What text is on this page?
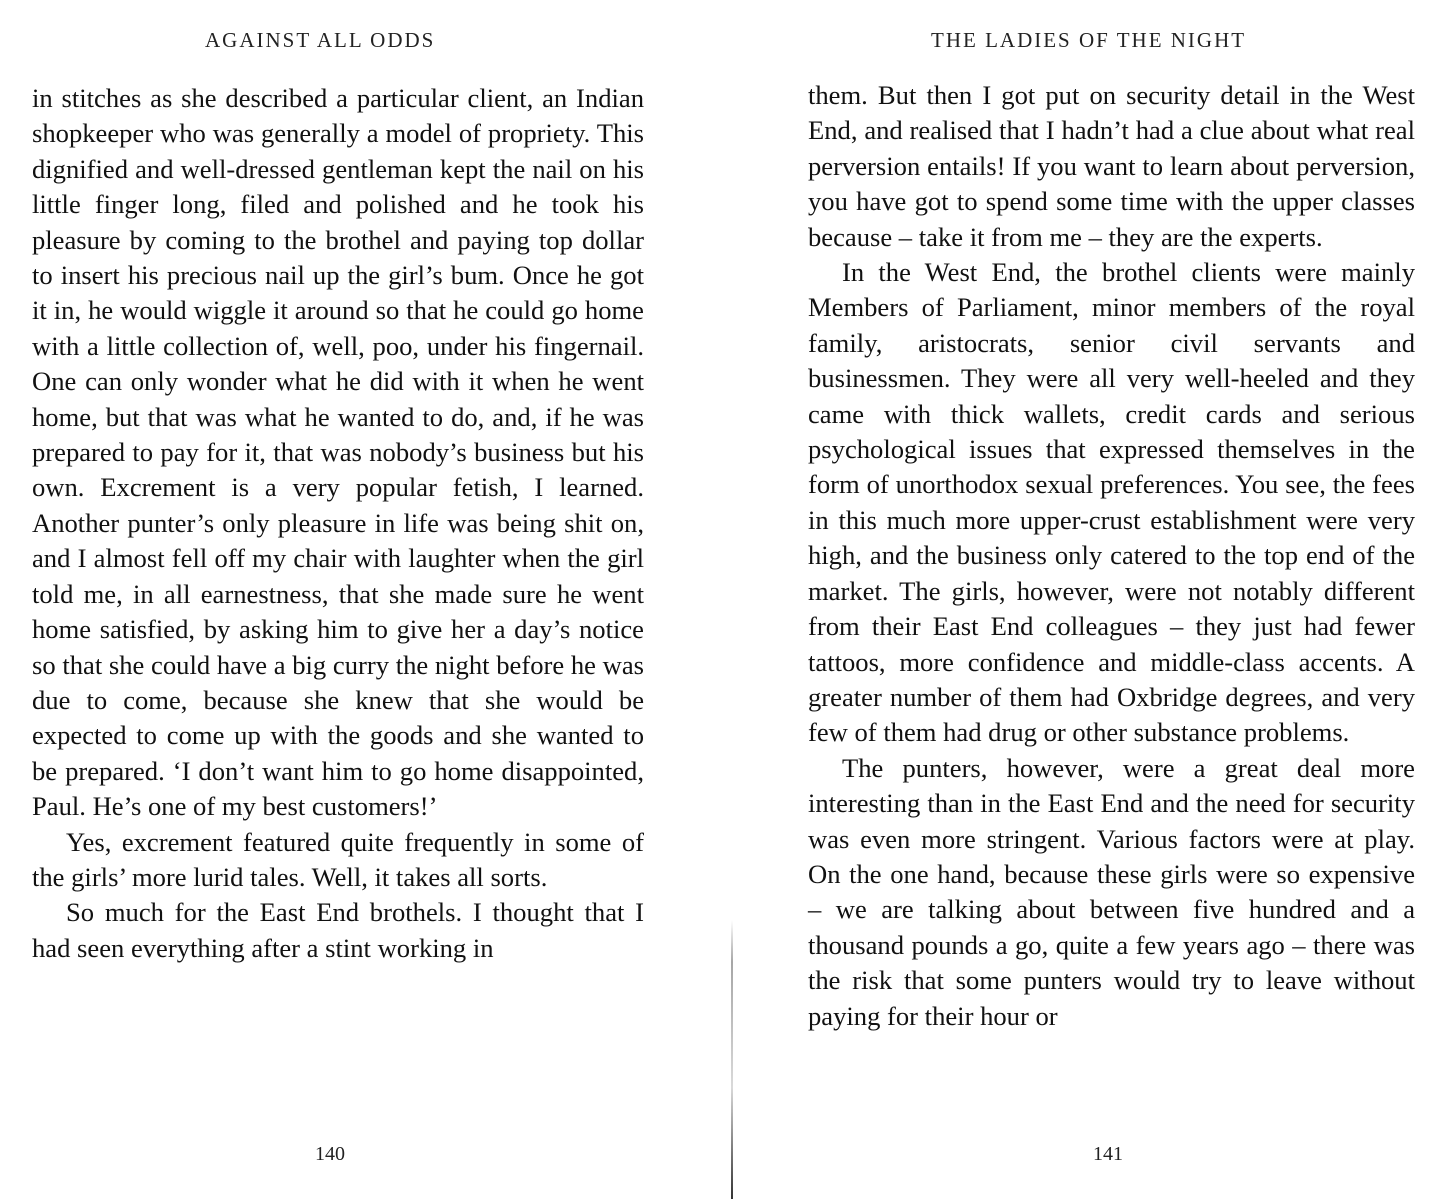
AGAINST ALL ODDS

in stitches as she described a particular client, an Indian shopkeeper who was generally a model of propriety. This dignified and well-dressed gentleman kept the nail on his little finger long, filed and polished and he took his pleasure by coming to the brothel and paying top dollar to insert his precious nail up the girl’s bum. Once he got it in, he would wiggle it around so that he could go home with a little collection of, well, poo, under his fingernail. One can only wonder what he did with it when he went home, but that was what he wanted to do, and, if he was prepared to pay for it, that was nobody’s business but his own. Excrement is a very popular fetish, I learned. Another punter’s only pleasure in life was being shit on, and I almost fell off my chair with laughter when the girl told me, in all earnestness, that she made sure he went home satisfied, by asking him to give her a day’s notice so that she could have a big curry the night before he was due to come, because she knew that she would be expected to come up with the goods and she wanted to be prepared. ‘I don’t want him to go home disappointed, Paul. He’s one of my best customers!’

Yes, excrement featured quite frequently in some of the girls’ more lurid tales. Well, it takes all sorts.

So much for the East End brothels. I thought that I had seen everything after a stint working in

140
THE LADIES OF THE NIGHT

them. But then I got put on security detail in the West End, and realised that I hadn’t had a clue about what real perversion entails! If you want to learn about perversion, you have got to spend some time with the upper classes because – take it from me – they are the experts.

In the West End, the brothel clients were mainly Members of Parliament, minor members of the royal family, aristocrats, senior civil servants and businessmen. They were all very well-heeled and they came with thick wallets, credit cards and serious psychological issues that expressed themselves in the form of unorthodox sexual preferences. You see, the fees in this much more upper-crust establishment were very high, and the business only catered to the top end of the market. The girls, however, were not notably different from their East End colleagues – they just had fewer tattoos, more confidence and middle-class accents. A greater number of them had Oxbridge degrees, and very few of them had drug or other substance problems.

The punters, however, were a great deal more interesting than in the East End and the need for security was even more stringent. Various factors were at play. On the one hand, because these girls were so expensive – we are talking about between five hundred and a thousand pounds a go, quite a few years ago – there was the risk that some punters would try to leave without paying for their hour or

141
